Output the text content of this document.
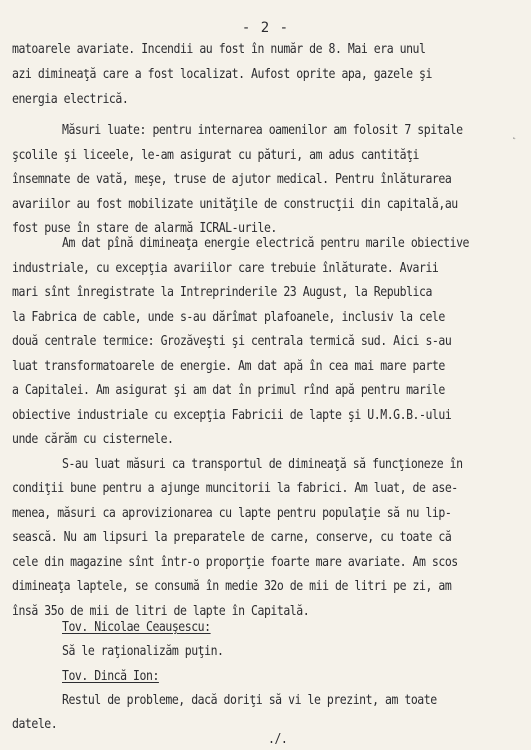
- 2 -
˛
matoarele avariate. Incendii au fost în număr de 8. Mai era unul
azi dimineaţă care a fost localizat. Aufost oprite apa, gazele şi
energia electrică.
Măsuri luate: pentru internarea oamenilor am folosit 7 spitale
şcolile şi liceele, le-am asigurat cu pături, am adus cantităţi
însemnate de vată, meşe, truse de ajutor medical. Pentru înlăturarea
avariilor au fost mobilizate unităţile de construcţii din capitală,au
fost puse în stare de alarmă ICRAL-urile.
Am dat pînă dimineaţa energie electrică pentru marile obiective
industriale, cu excepţia avariilor care trebuie înlăturate. Avarii
mari sînt înregistrate la Intreprinderile 23 August, la Republica
la Fabrica de cable, unde s-au dărîmat plafoanele, inclusiv la cele
două centrale termice: Grozăveşti şi centrala termică sud. Aici s-au
luat transformatoarele de energie. Am dat apă în cea mai mare parte
a Capitalei. Am asigurat şi am dat în primul rînd apă pentru marile
obiective industriale cu excepţia Fabricii de lapte şi U.M.G.B.-ului
unde cărăm cu cisternele.
S-au luat măsuri ca transportul de dimineaţă să funcţioneze în
condiţii bune pentru a ajunge muncitorii la fabrici. Am luat, de ase-
menea, măsuri ca aprovizionarea cu lapte pentru populaţie să nu lip-
sească. Nu am lipsuri la preparatele de carne, conserve, cu toate că
cele din magazine sînt într-o proporţie foarte mare avariate. Am scos
dimineaţa laptele, se consumă în medie 32o de mii de litri pe zi, am
însă 35o de mii de litri de lapte în Capitală.
Tov. Nicolae Ceauşescu:
Să le raţionalizăm puţin.
Tov. Dincă Ion:
Restul de probleme, dacă doriţi să vi le prezint, am toate
datele.
./.
